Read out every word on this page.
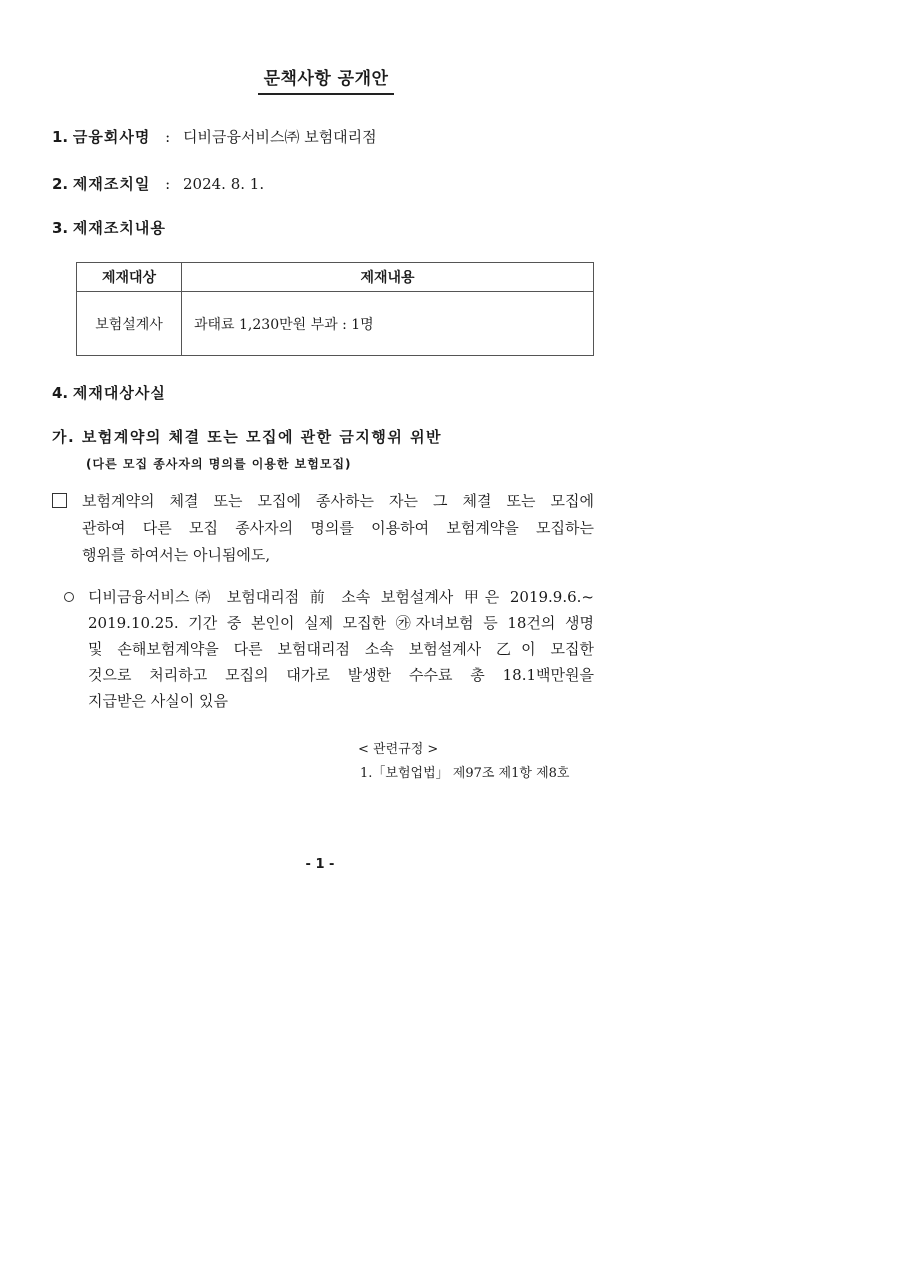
문책사항 공개안
1. 금융회사명 : 디비금융서비스㈜ 보험대리점
2. 제재조치일 : 2024. 8. 1.
3. 제재조치내용
제재대상	제재내용
보험설계사	과태료 1,230만원 부과 : 1명
4. 제재대상사실
가. 보험계약의 체결 또는 모집에 관한 금지행위 위반
(다른 모집 종사자의 명의를 이용한 보험모집)
보험계약의 체결 또는 모집에 종사하는 자는 그 체결 또는 모집에
관하여 다른 모집 종사자의 명의를 이용하여 보험계약을 모집하는
행위를 하여서는 아니됨에도,
디비금융서비스㈜ 보험대리점 前 소속 보험설계사 甲은 2019.9.6.~
2019.10.25. 기간 중 본인이 실제 모집한 ㉮자녀보험 등 18건의 생명
및 손해보험계약을 다른 보험대리점 소속 보험설계사 乙이 모집한
것으로 처리하고 모집의 대가로 발생한 수수료 총 18.1백만원을
지급받은 사실이 있음
< 관련규정 >
1.「보험업법」 제97조 제1항 제8호
- 1 -
